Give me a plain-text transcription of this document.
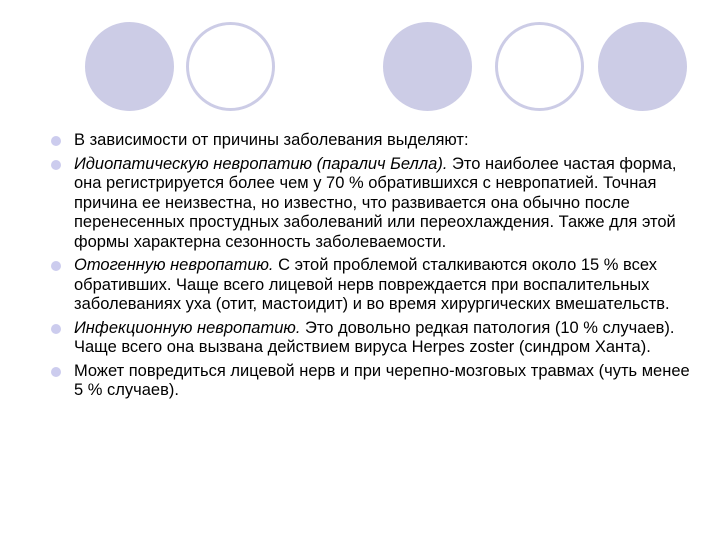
В зависимости от причины заболевания выделяют:
Идиопатическую невропатию (паралич Белла). Это наиболее частая форма, она регистрируется более чем у 70 % обратившихся с невропатией. Точная причина ее неизвестна, но известно, что развивается она обычно после перенесенных простудных заболеваний или переохлаждения. Также для этой формы характерна сезонность заболеваемости.
Отогенную невропатию. С этой проблемой сталкиваются около 15 % всех обративших. Чаще всего лицевой нерв повреждается при воспалительных заболеваниях уха (отит, мастоидит) и во время хирургических вмешательств.
Инфекционную невропатию. Это довольно редкая патология (10 % случаев). Чаще всего она вызвана действием вируса Herpes zoster (синдром Ханта).
Может повредиться лицевой нерв и при черепно-мозговых травмах (чуть менее 5 % случаев).
